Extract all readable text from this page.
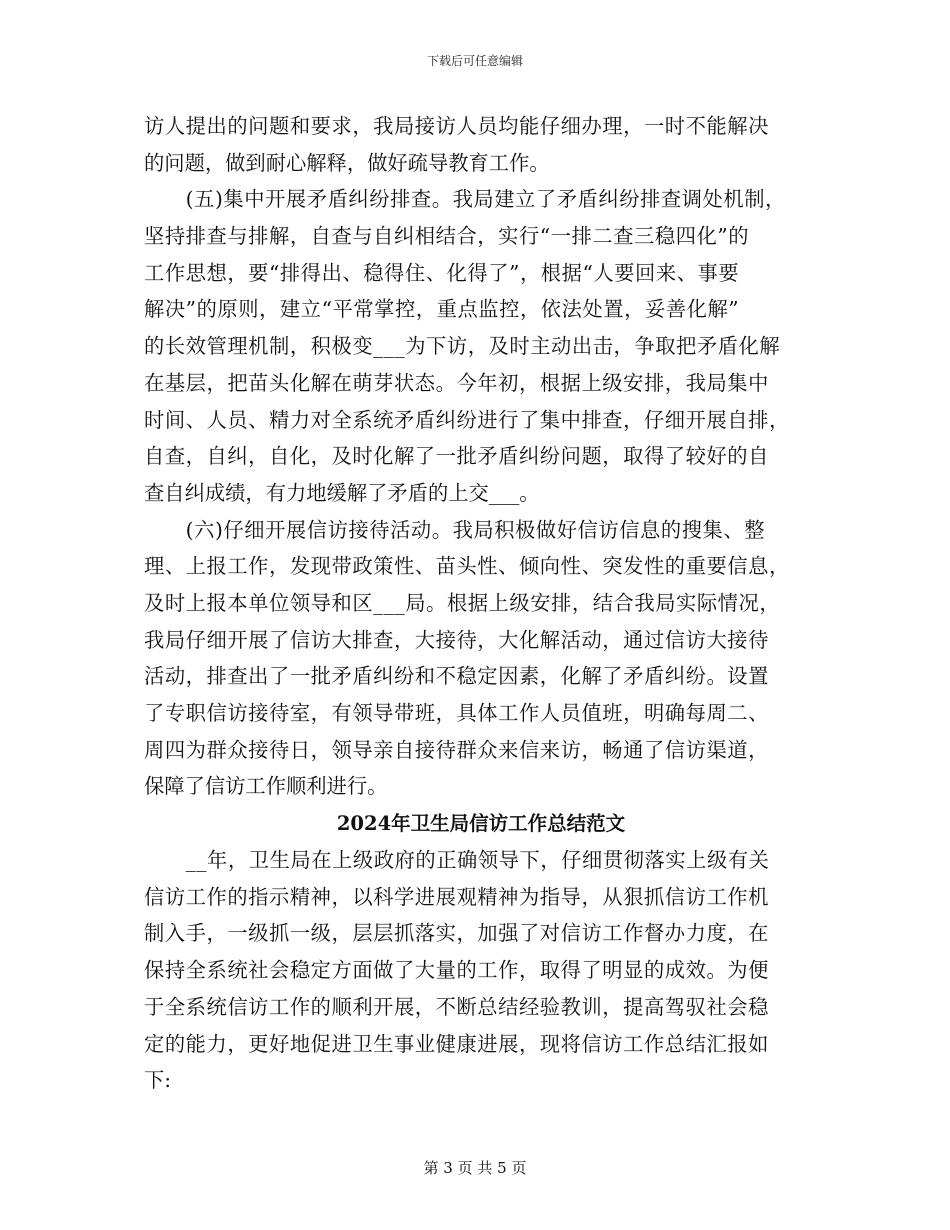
下载后可任意编辑
访人提出的问题和要求，我局接访人员均能仔细办理，一时不能解决
的问题，做到耐心解释，做好疏导教育工作。
　　(五)集中开展矛盾纠纷排查。我局建立了矛盾纠纷排查调处机制，
坚持排查与排解，自查与自纠相结合，实行“一排二查三稳四化”的
工作思想，要“排得出、稳得住、化得了”，根据“人要回来、事要
解决”的原则，建立“平常掌控，重点监控，依法处置，妥善化解”
的长效管理机制，积极变___为下访，及时主动出击，争取把矛盾化解
在基层，把苗头化解在萌芽状态。今年初，根据上级安排，我局集中
时间、人员、精力对全系统矛盾纠纷进行了集中排查，仔细开展自排，
自查，自纠，自化，及时化解了一批矛盾纠纷问题，取得了较好的自
查自纠成绩，有力地缓解了矛盾的上交___。
　　(六)仔细开展信访接待活动。我局积极做好信访信息的搜集、整
理、上报工作，发现带政策性、苗头性、倾向性、突发性的重要信息，
及时上报本单位领导和区___局。根据上级安排，结合我局实际情况，
我局仔细开展了信访大排查，大接待，大化解活动，通过信访大接待
活动，排查出了一批矛盾纠纷和不稳定因素，化解了矛盾纠纷。设置
了专职信访接待室，有领导带班，具体工作人员值班，明确每周二、
周四为群众接待日，领导亲自接待群众来信来访，畅通了信访渠道，
保障了信访工作顺利进行。
2024年卫生局信访工作总结范文
　　__年，卫生局在上级政府的正确领导下，仔细贯彻落实上级有关
信访工作的指示精神，以科学进展观精神为指导，从狠抓信访工作机
制入手，一级抓一级，层层抓落实，加强了对信访工作督办力度，在
保持全系统社会稳定方面做了大量的工作，取得了明显的成效。为便
于全系统信访工作的顺利开展，不断总结经验教训，提高驾驭社会稳
定的能力，更好地促进卫生事业健康进展，现将信访工作总结汇报如
下:
第 3 页 共 5 页
